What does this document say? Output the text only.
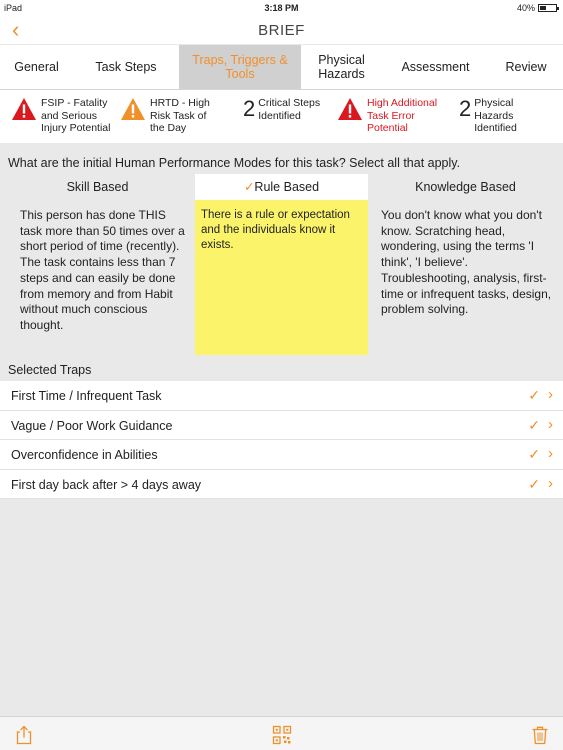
iPad	3:18 PM	40%
‹	BRIEF
General	Task Steps	Traps, Triggers & Tools
Physical Hazards	Assessment	Review
FSIP - Fatality and Serious Injury Potential
HRTD - High Risk Task of the Day
2 Critical Steps Identified
High Additional Task Error Potential
2 Physical Hazards Identified
What are the initial Human Performance Modes for this task? Select all that apply.
Skill Based	✓Rule Based	Knowledge Based
This person has done THIS task more than 50 times over a short period of time (recently). The task contains less than 7 steps and can easily be done from memory and from Habit without much conscious thought.
There is a rule or expectation and the individuals know it exists.
You don't know what you don't know. Scratching head, wondering, using the terms 'I think', 'I believe'. Troubleshooting, analysis, first-time or infrequent tasks, design, problem solving.
Selected Traps
First Time / Infrequent Task	✓ ›
Vague / Poor Work Guidance	✓ ›
Overconfidence in Abilities	✓ ›
First day back after > 4 days away	✓ ›
